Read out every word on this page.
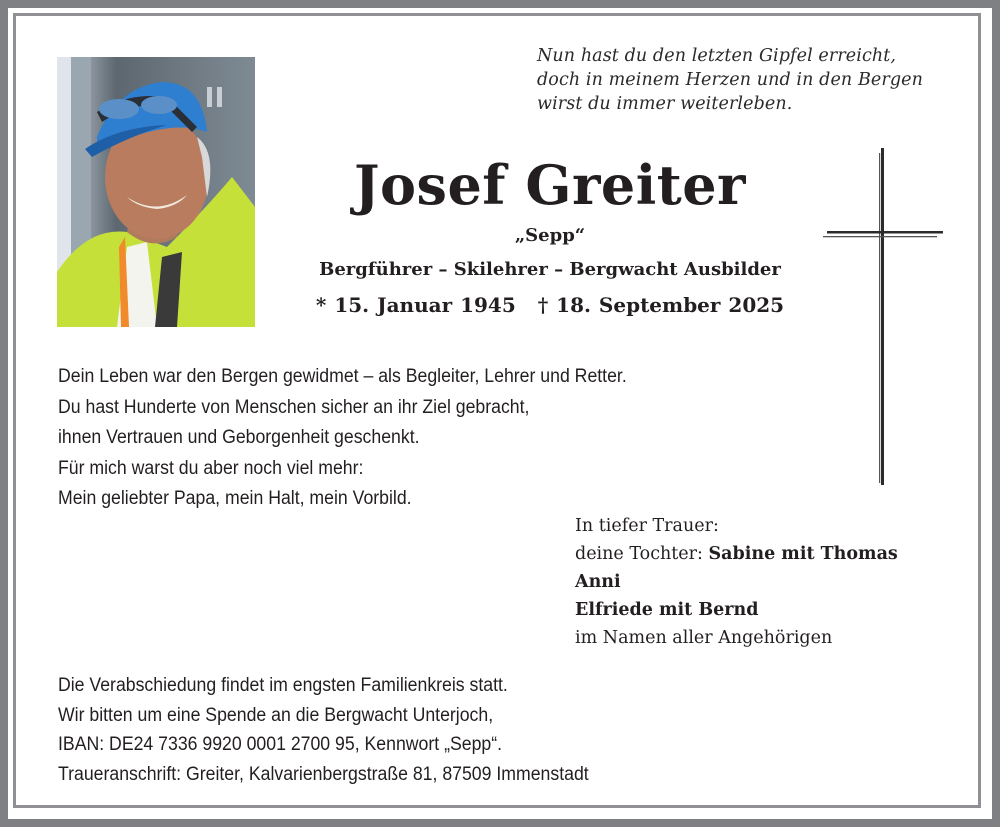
Nun hast du den letzten Gipfel erreicht,
doch in meinem Herzen und in den Bergen
wirst du immer weiterleben.
Josef Greiter
„Sepp“
Bergführer – Skilehrer – Bergwacht Ausbilder
* 15. Januar 1945 † 18. September 2025
Dein Leben war den Bergen gewidmet – als Begleiter, Lehrer und Retter.
Du hast Hunderte von Menschen sicher an ihr Ziel gebracht,
ihnen Vertrauen und Geborgenheit geschenkt.
Für mich warst du aber noch viel mehr:
Mein geliebter Papa, mein Halt, mein Vorbild.
In tiefer Trauer:
deine Tochter: Sabine mit Thomas
Anni
Elfriede mit Bernd
im Namen aller Angehörigen
Die Verabschiedung findet im engsten Familienkreis statt.
Wir bitten um eine Spende an die Bergwacht Unterjoch,
IBAN: DE24 7336 9920 0001 2700 95, Kennwort „Sepp“.
Traueranschrift: Greiter, Kalvarienbergstraße 81, 87509 Immenstadt
